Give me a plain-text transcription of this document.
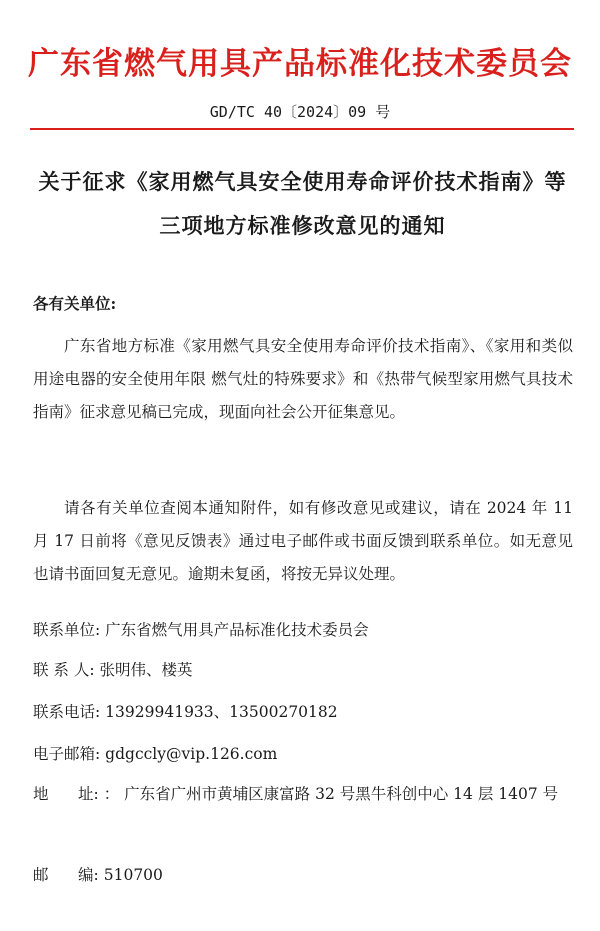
广东省燃气用具产品标准化技术委员会
GD/TC 40〔2024〕09 号
关于征求《家用燃气具安全使用寿命评价技术指南》等三项地方标准修改意见的通知
各有关单位:
广东省地方标准《家用燃气具安全使用寿命评价技术指南》、《家用和类似用途电器的安全使用年限 燃气灶的特殊要求》和《热带气候型家用燃气具技术指南》征求意见稿已完成，现面向社会公开征集意见。
请各有关单位查阅本通知附件，如有修改意见或建议，请在 2024 年 11 月 17 日前将《意见反馈表》通过电子邮件或书面反馈到联系单位。如无意见也请书面回复无意见。逾期未复函，将按无异议处理。
联系单位: 广东省燃气用具产品标准化技术委员会
联 系 人: 张明伟、楼英
联系电话: 13929941933、13500270182
电子邮箱: gdgccly@vip.126.com
地      址: ： 广东省广州市黄埔区康富路 32 号黑牛科创中心 14 层 1407 号
邮      编: 510700
